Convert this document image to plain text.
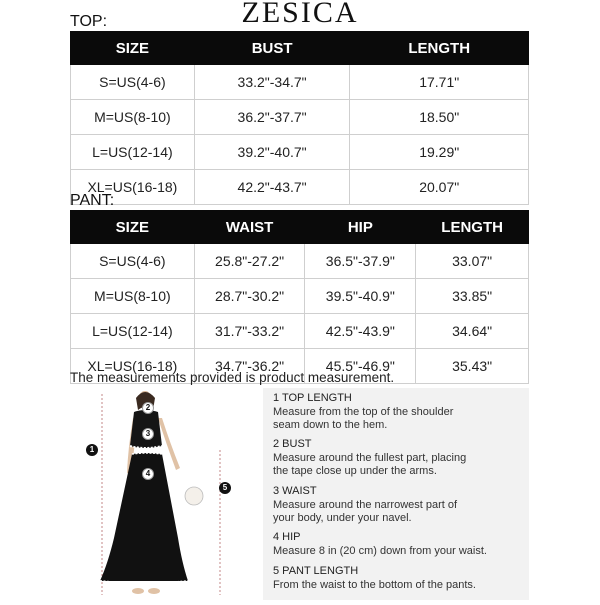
ZESICA
TOP:
SIZE	BUST	LENGTH
S=US(4-6)	33.2"-34.7"	17.71"
M=US(8-10)	36.2"-37.7"	18.50"
L=US(12-14)	39.2"-40.7"	19.29"
XL=US(16-18)	42.2"-43.7"	20.07"
PANT:
SIZE	WAIST	HIP	LENGTH
S=US(4-6)	25.8"-27.2"	36.5"-37.9"	33.07"
M=US(8-10)	28.7"-30.2"	39.5"-40.9"	33.85"
L=US(12-14)	31.7"-33.2"	42.5"-43.9"	34.64"
XL=US(16-18)	34.7"-36.2"	45.5"-46.9"	35.43"
The measurements provided is product measurement.
1
2
3
4
5
1 TOP LENGTH
Measure from the top of the shoulder
seam down to the hem.
2 BUST
Measure around the fullest part, placing
the tape close up under the arms.
3 WAIST
Measure around the narrowest part of
your body, under your navel.
4 HIP
Measure 8 in (20 cm) down from your waist.
5 PANT LENGTH
From the waist to the bottom of the pants.
